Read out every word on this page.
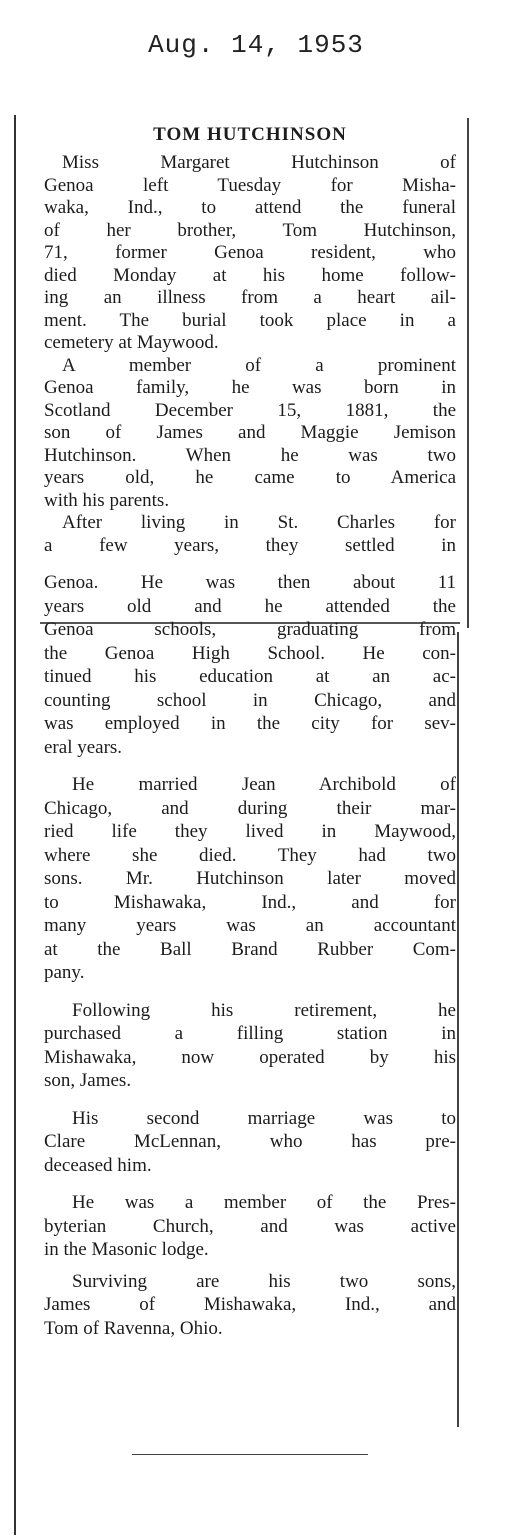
Aug. 14, 1953
TOM HUTCHINSON
Miss Margaret Hutchinson of
Genoa left Tuesday for Misha-
waka, Ind., to attend the funeral
of her brother, Tom Hutchinson,
71, former Genoa resident, who
died Monday at his home follow-
ing an illness from a heart ail-
ment. The burial took place in a
cemetery at Maywood.
A member of a prominent
Genoa family, he was born in
Scotland December 15, 1881, the
son of James and Maggie Jemison
Hutchinson. When he was two
years old, he came to America
with his parents.
After living in St. Charles for
a few years, they settled in
Genoa. He was then about 11
years old and he attended the
Genoa schools, graduating from
the Genoa High School. He con-
tinued his education at an ac-
counting school in Chicago, and
was employed in the city for sev-
eral years.
He married Jean Archibold of
Chicago, and during their mar-
ried life they lived in Maywood,
where she died. They had two
sons. Mr. Hutchinson later moved
to Mishawaka, Ind., and for
many years was an accountant
at the Ball Brand Rubber Com-
pany.
Following his retirement, he
purchased a filling station in
Mishawaka, now operated by his
son, James.
His second marriage was to
Clare McLennan, who has pre-
deceased him.
He was a member of the Pres-
byterian Church, and was active
in the Masonic lodge.
Surviving are his two sons,
James of Mishawaka, Ind., and
Tom of Ravenna, Ohio.
